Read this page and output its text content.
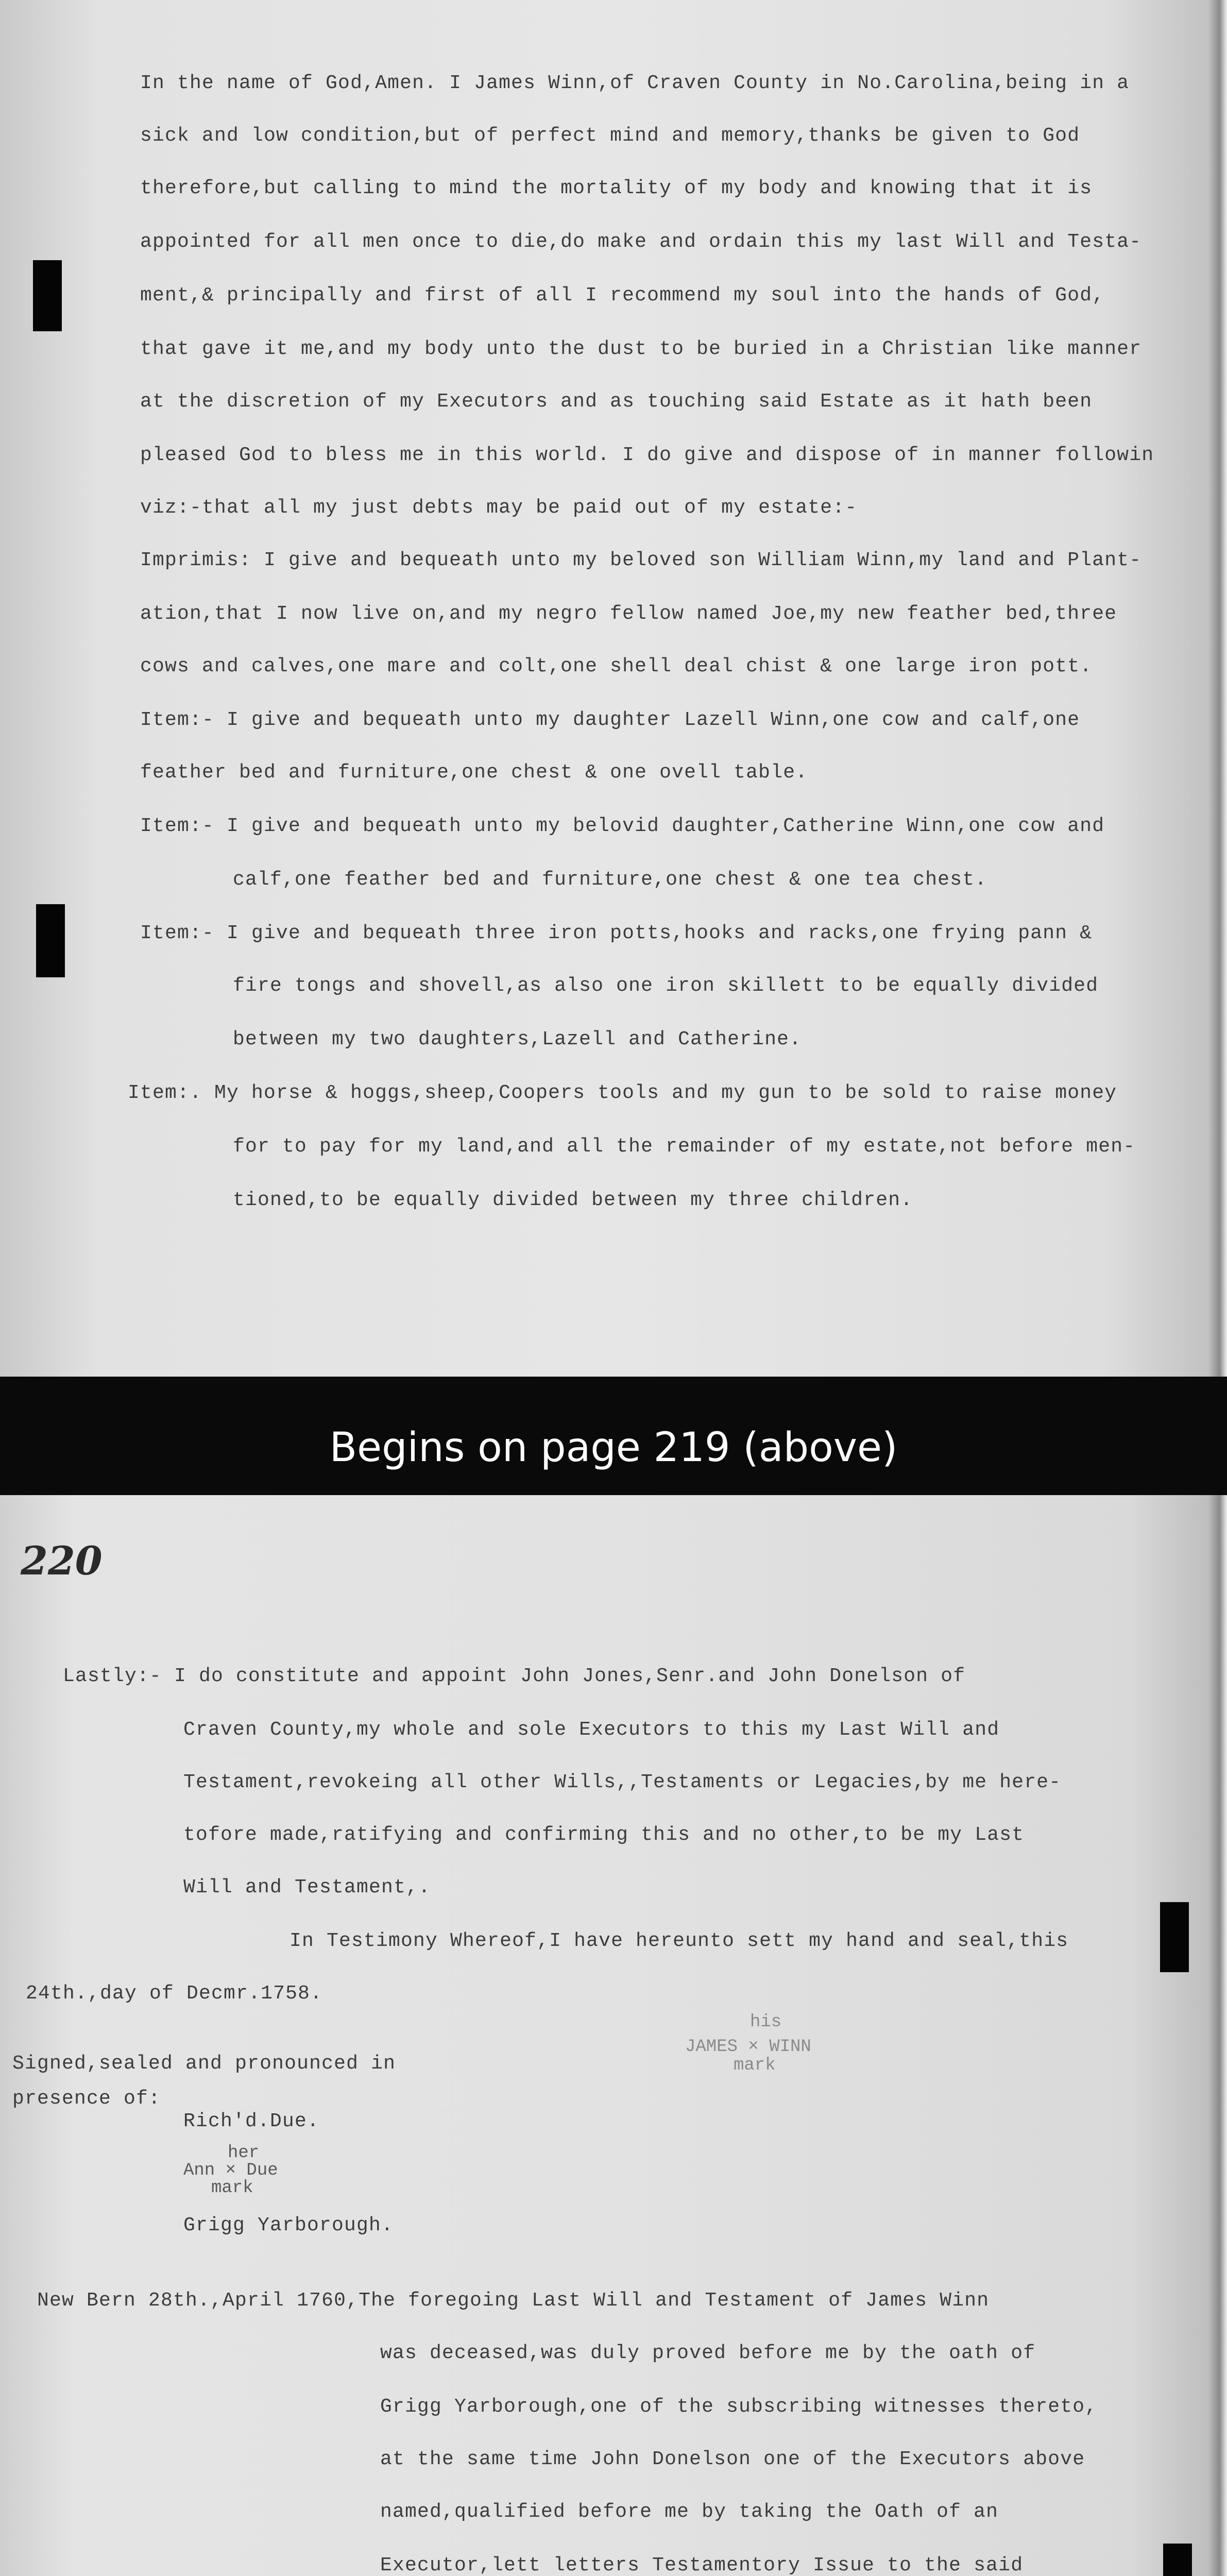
In the name of God,Amen. I James Winn,of Craven County in No.Carolina,being in a
sick and low condition,but of perfect mind and memory,thanks be given to God
therefore,but calling to mind the mortality of my body and knowing that it is
appointed for all men once to die,do make and ordain this my last Will and Testa-
ment,& principally and first of all I recommend my soul into the hands of God,
that gave it me,and my body unto the dust to be buried in a Christian like manner
at the discretion of my Executors and as touching said Estate as it hath been
pleased God to bless me in this world. I do give and dispose of in manner followin
viz:-that all my just debts may be paid out of my estate:-
Imprimis: I give and bequeath unto my beloved son William Winn,my land and Plant-
ation,that I now live on,and my negro fellow named Joe,my new feather bed,three
cows and calves,one mare and colt,one shell deal chist & one large iron pott.
Item:- I give and bequeath unto my daughter Lazell Winn,one cow and calf,one
feather bed and furniture,one chest & one ovell table.
Item:- I give and bequeath unto my belovid daughter,Catherine Winn,one cow and
calf,one feather bed and furniture,one chest & one tea chest.
Item:- I give and bequeath three iron potts,hooks and racks,one frying pann &
fire tongs and shovell,as also one iron skillett to be equally divided
between my two daughters,Lazell and Catherine.
Item:. My horse & hoggs,sheep,Coopers tools and my gun to be sold to raise money
for to pay for my land,and all the remainder of my estate,not before men-
tioned,to be equally divided between my three children.
Begins on page 219 (above)
220
Lastly:- I do constitute and appoint John Jones,Senr.and John Donelson of
Craven County,my whole and sole Executors to this my Last Will and
Testament,revokeing all other Wills,,Testaments or Legacies,by me here-
tofore made,ratifying and confirming this and no other,to be my Last
Will and Testament,.
In Testimony Whereof,I have hereunto sett my hand and seal,this
24th.,day of Decmr.1758.
his
JAMES × WINN
mark
Signed,sealed and pronounced in
presence of:
Rich'd.Due.
her
Ann × Due
mark
Grigg Yarborough.
New Bern 28th.,April 1760,The foregoing Last Will and Testament of James Winn
was deceased,was duly proved before me by the oath of
Grigg Yarborough,one of the subscribing witnesses thereto,
at the same time John Donelson one of the Executors above
named,qualified before me by taking the Oath of an
Executor,lett letters Testamentory Issue to the said
